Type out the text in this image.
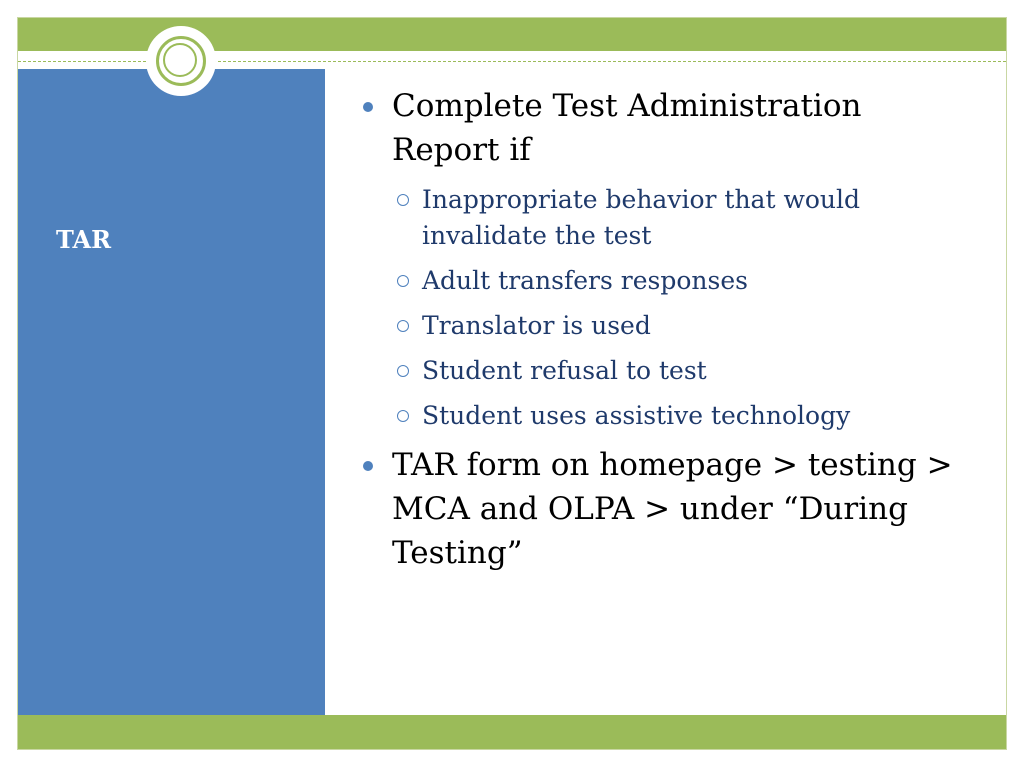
TAR
Complete Test Administration Report if
Inappropriate behavior that would invalidate the test
Adult transfers responses
Translator is used
Student refusal to test
Student uses assistive technology
TAR form on homepage > testing > MCA and OLPA > under “During Testing”
